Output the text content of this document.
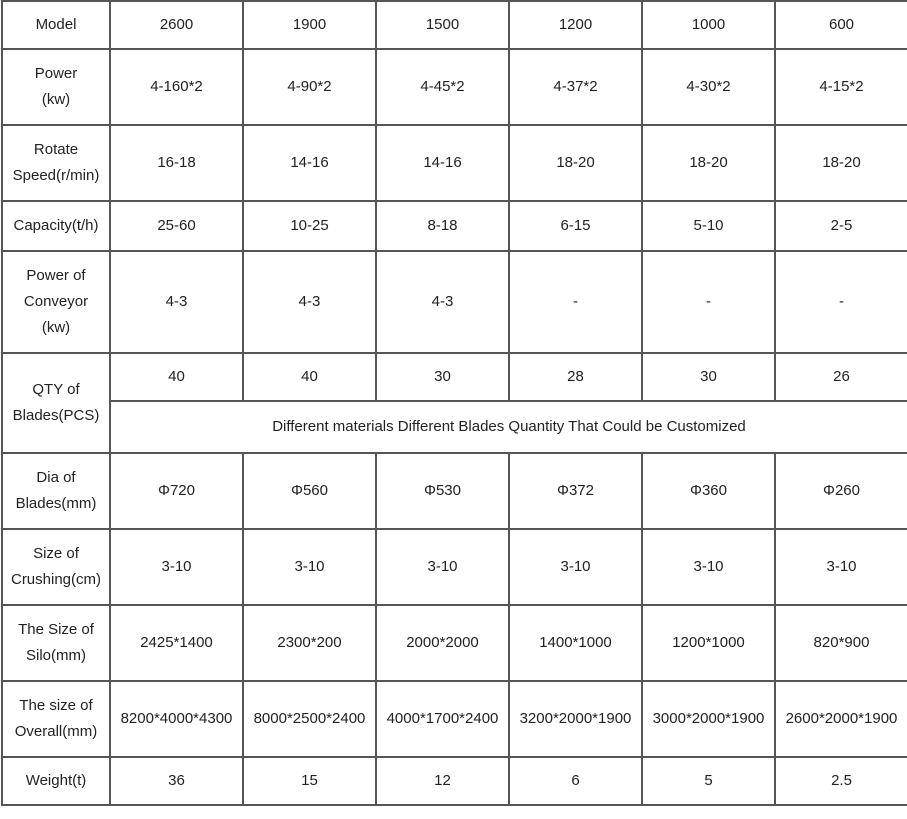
Model	2600	1900	1500	1200	1000	600

Power
(kw)	4-160*2	4-90*2	4-45*2	4-37*2	4-30*2	4-15*2

Rotate
Speed(r/min)	16-18	14-16	14-16	18-20	18-20	18-20
Capacity(t/h)	25-60	10-25	8-18	6-15	5-10	2-5

Power of
Conveyor
(kw)	4-3	4-3	4-3	-	-	-

QTY of
Blades(PCS)	40	40	30	28	30	26
	Different materials Different Blades Quantity That Could be Customized					

Dia of
Blades(mm)	Φ720	Φ560	Φ530	Φ372	Φ360	Φ260

Size of
Crushing(cm)	3-10	3-10	3-10	3-10	3-10	3-10

The Size of
Silo(mm)	2425*1400	2300*200	2000*2000	1400*1000	1200*1000	820*900

The size of
Overall(mm)	8200*4000*4300	8000*2500*2400	4000*1700*2400	3200*2000*1900	3000*2000*1900	2600*2000*1900
Weight(t)	36	15	12	6	5	2.5
